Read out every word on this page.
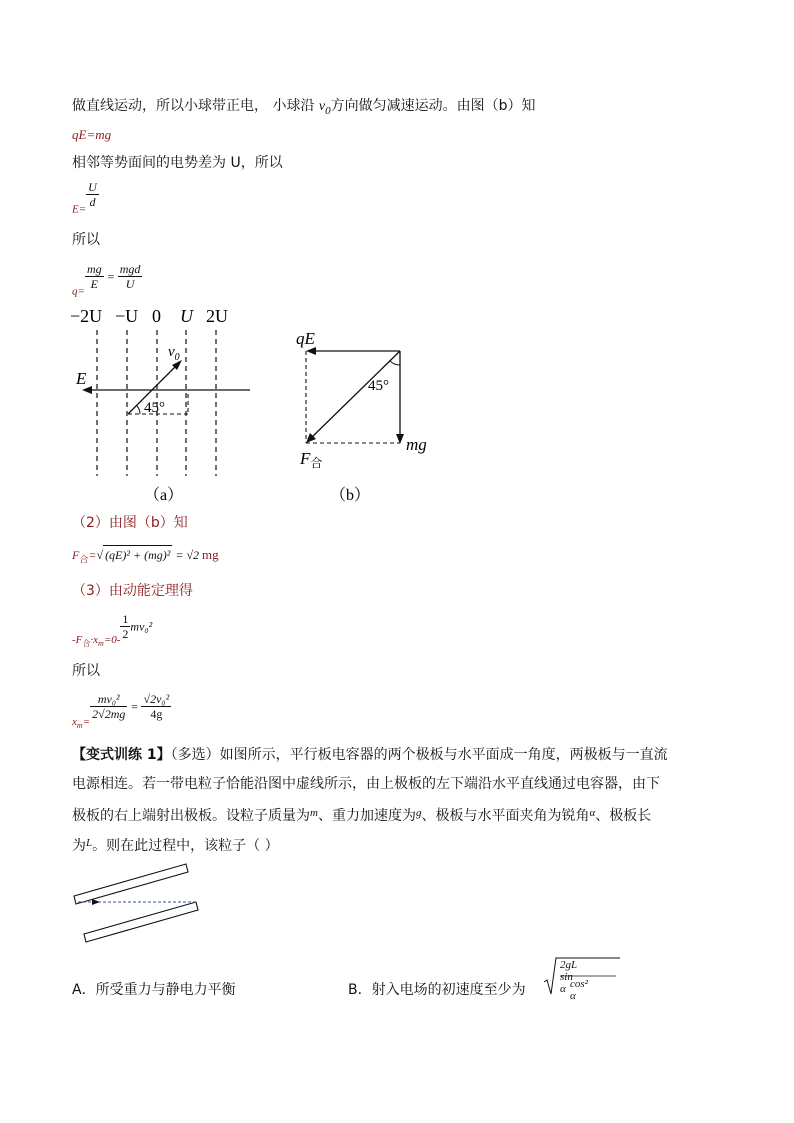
做直线运动，所以小球带正电， 小球沿 $v_0$方向做匀减速运动。由图（b）知
qE=mg
相邻等势面间的电势差为 U，所以
$_{E=}$
$\frac{U}{d}$
所以
$_{q=}$
$\frac{mg}{E} = \frac{\text{mgd}}{U}$
−2U −U 0 U 2U
E
$v_0$
45°
（a）
qE
mg
45°
F合
（b）
（2）由图（b）知
$F_合=√$ (qE)² + (mg)² = √2 mg
（3）由动能定理得
$_{-F_合\cdot x_m=0-} \frac{1}{2} mv_0^2$
所以
$_{x_m=}$
$\frac{\text{mv₀²}}{2√2mg} = \frac{\text{√2v₀²}}{4g}$
【变式训练 1】（多选）如图所示，平行板电容器的两个极板与水平面成一角度，两极板与一直流
电源相连。若一带电粒子恰能沿图中虚线所示，由上极板的左下端沿水平直线通过电容器，由下
极板的右上端射出极板。设粒子质量为$^m$、重力加速度为$^g$、极板与水平面夹角为锐角$^\alpha$、极板长
为$^L$。则在此过程中，该粒子（ ）
A．所受重力与静电力平衡	B．射入电场的初速度至少为
2gL sin α cos² α
